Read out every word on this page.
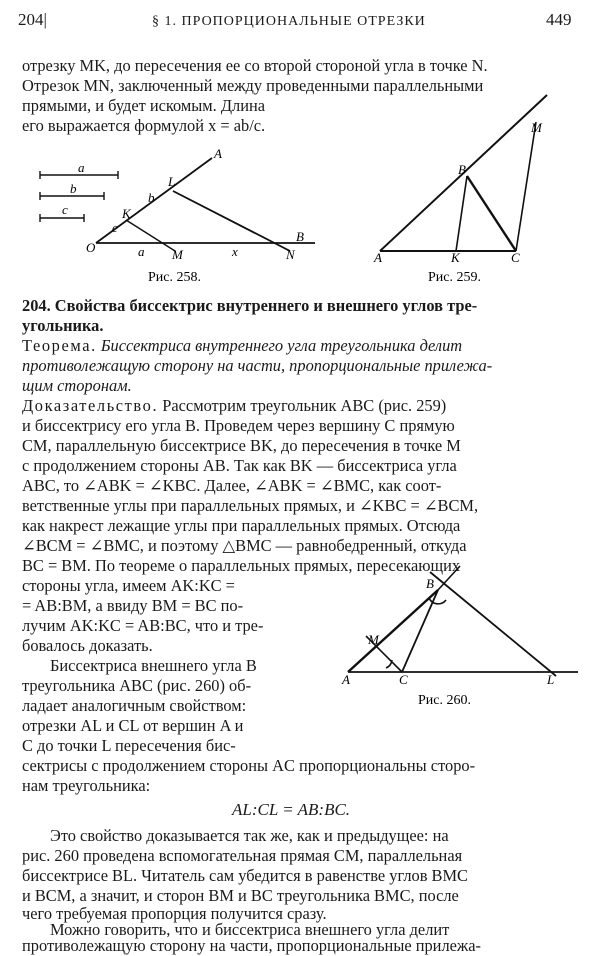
204|	§ 1. ПРОПОРЦИОНАЛЬНЫЕ ОТРЕЗКИ	449
отрезку MK, до пересечения ее со второй стороной угла в точке N.
Отрезок MN, заключенный между проведенными параллельными
прямыми, и будет искомым. Длина
его выражается формулой x = ab/c.
a
b
c
O
K
L
A
b
c
a M	x	N
B
Рис. 258.
A
B
C
K
M
Рис. 259.
204. Свойства биссектрис внутреннего и внешнего углов тре-
угольника.
Теорема. Биссектриса внутреннего угла треугольника делит
противолежащую сторону на части, пропорциональные прилежа-
щим сторонам.
Доказательство. Рассмотрим треугольник ABC (рис. 259)
и биссектрису его угла B. Проведем через вершину C прямую
CM, параллельную биссектрисе BK, до пересечения в точке M
с продолжением стороны AB. Так как BK — биссектриса угла
ABC, то ∠ABK = ∠KBC. Далее, ∠ABK = ∠BMC, как соот-
ветственные углы при параллельных прямых, и ∠KBC = ∠BCM,
как накрест лежащие углы при параллельных прямых. Отсюда
∠BCM = ∠BMC, и поэтому △BMC — равнобедренный, откуда
BC = BM. По теореме о параллельных прямых, пересекающих
стороны угла, имеем AK:KC =
= AB:BM, а ввиду BM = BC по-
лучим AK:KC = AB:BC, что и тре-
бовалось доказать.
A
B
C	L
M
Рис. 260.
Биссектриса внешнего угла B
треугольника ABC (рис. 260) об-
ладает аналогичным свойством:
отрезки AL и CL от вершин A и
C до точки L пересечения бис-
сектрисы с продолжением стороны AC пропорциональны сторо-
нам треугольника:
AL:CL = AB:BC.
Это свойство доказывается так же, как и предыдущее: на
рис. 260 проведена вспомогательная прямая CM, параллельная
биссектрисе BL. Читатель сам убедится в равенстве углов BMC
и BCM, а значит, и сторон BM и BC треугольника BMC, после
чего требуемая пропорция получится сразу.
Можно говорить, что и биссектриса внешнего угла делит
противолежащую сторону на части, пропорциональные прилежа-
